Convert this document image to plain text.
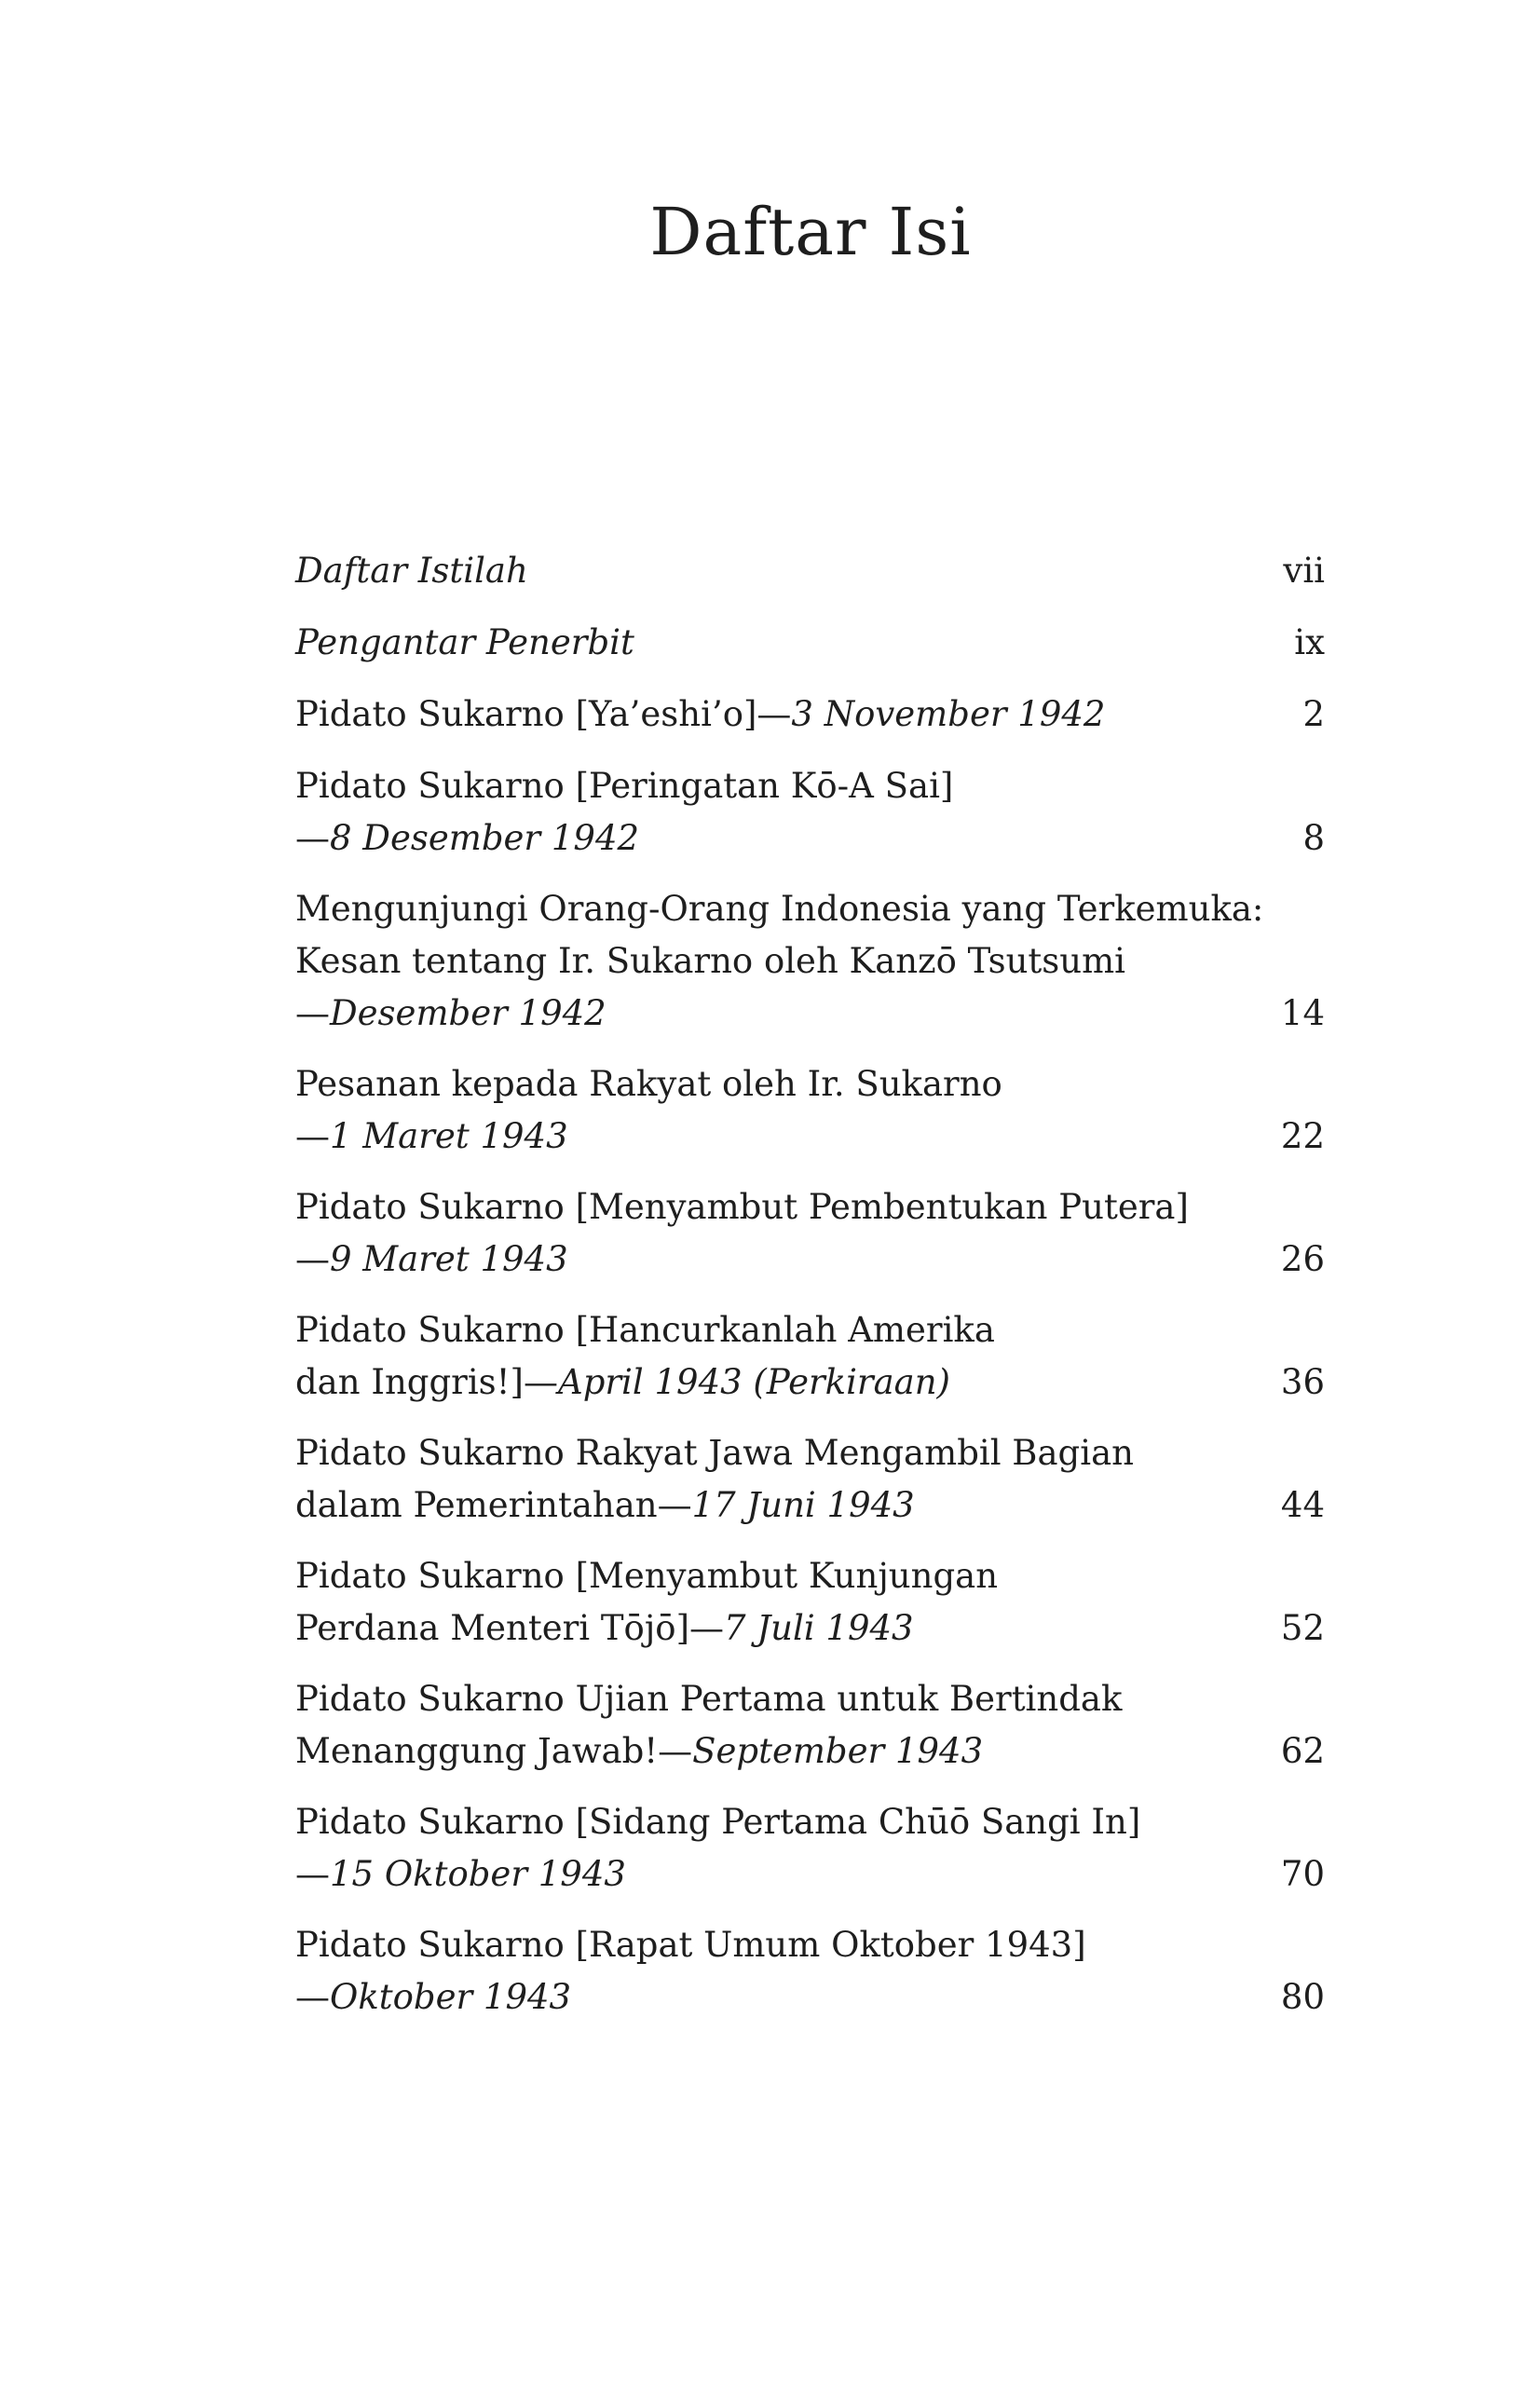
Daftar Isi
Daftar Istilah	vii
Pengantar Penerbit	ix
Pidato Sukarno [Ya’eshi’o]—3 November 1942	2
Pidato Sukarno [Peringatan Kō-A Sai]
—8 Desember 1942	8
Mengunjungi Orang-Orang Indonesia yang Terkemuka:
Kesan tentang Ir. Sukarno oleh Kanzō Tsutsumi
—Desember 1942	14
Pesanan kepada Rakyat oleh Ir. Sukarno
—1 Maret 1943	22
Pidato Sukarno [Menyambut Pembentukan Putera]
—9 Maret 1943	26
Pidato Sukarno [Hancurkanlah Amerika
dan Inggris!]—April 1943 (Perkiraan)	36
Pidato Sukarno Rakyat Jawa Mengambil Bagian
dalam Pemerintahan—17 Juni 1943	44
Pidato Sukarno [Menyambut Kunjungan
Perdana Menteri Tōjō]—7 Juli 1943	52
Pidato Sukarno Ujian Pertama untuk Bertindak
Menanggung Jawab!—September 1943	62
Pidato Sukarno [Sidang Pertama Chūō Sangi In]
—15 Oktober 1943	70
Pidato Sukarno [Rapat Umum Oktober 1943]
—Oktober 1943	80
